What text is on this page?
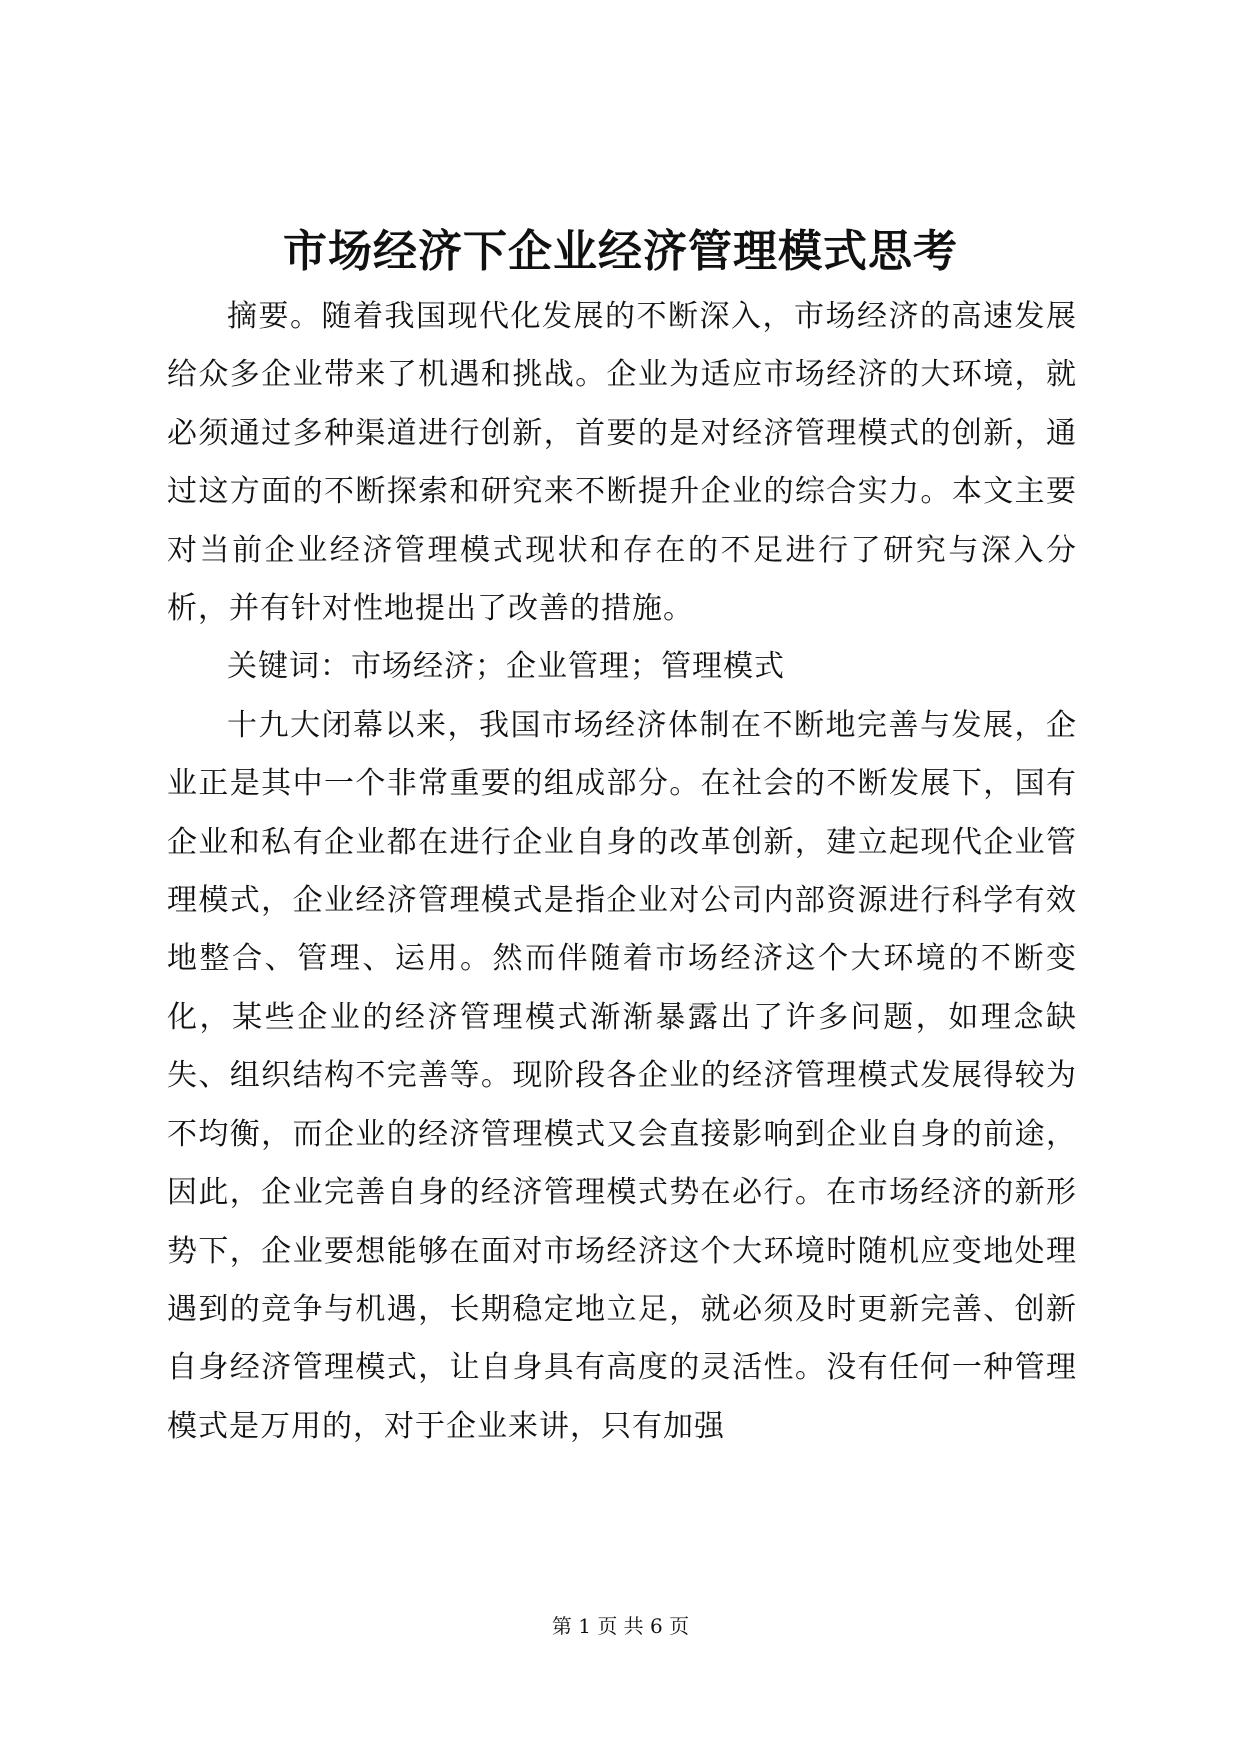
市场经济下企业经济管理模式思考

摘要。随着我国现代化发展的不断深入，市场经济的高速发展给众多企业带来了机遇和挑战。企业为适应市场经济的大环境，就必须通过多种渠道进行创新，首要的是对经济管理模式的创新，通过这方面的不断探索和研究来不断提升企业的综合实力。本文主要对当前企业经济管理模式现状和存在的不足进行了研究与深入分析，并有针对性地提出了改善的措施。

关键词：市场经济；企业管理；管理模式

十九大闭幕以来，我国市场经济体制在不断地完善与发展，企业正是其中一个非常重要的组成部分。在社会的不断发展下，国有企业和私有企业都在进行企业自身的改革创新，建立起现代企业管理模式，企业经济管理模式是指企业对公司内部资源进行科学有效地整合、管理、运用。然而伴随着市场经济这个大环境的不断变化，某些企业的经济管理模式渐渐暴露出了许多问题，如理念缺失、组织结构不完善等。现阶段各企业的经济管理模式发展得较为不均衡，而企业的经济管理模式又会直接影响到企业自身的前途，因此，企业完善自身的经济管理模式势在必行。在市场经济的新形势下，企业要想能够在面对市场经济这个大环境时随机应变地处理遇到的竞争与机遇，长期稳定地立足，就必须及时更新完善、创新自身经济管理模式，让自身具有高度的灵活性。没有任何一种管理模式是万用的，对于企业来讲，只有加强

第 1 页 共 6 页
